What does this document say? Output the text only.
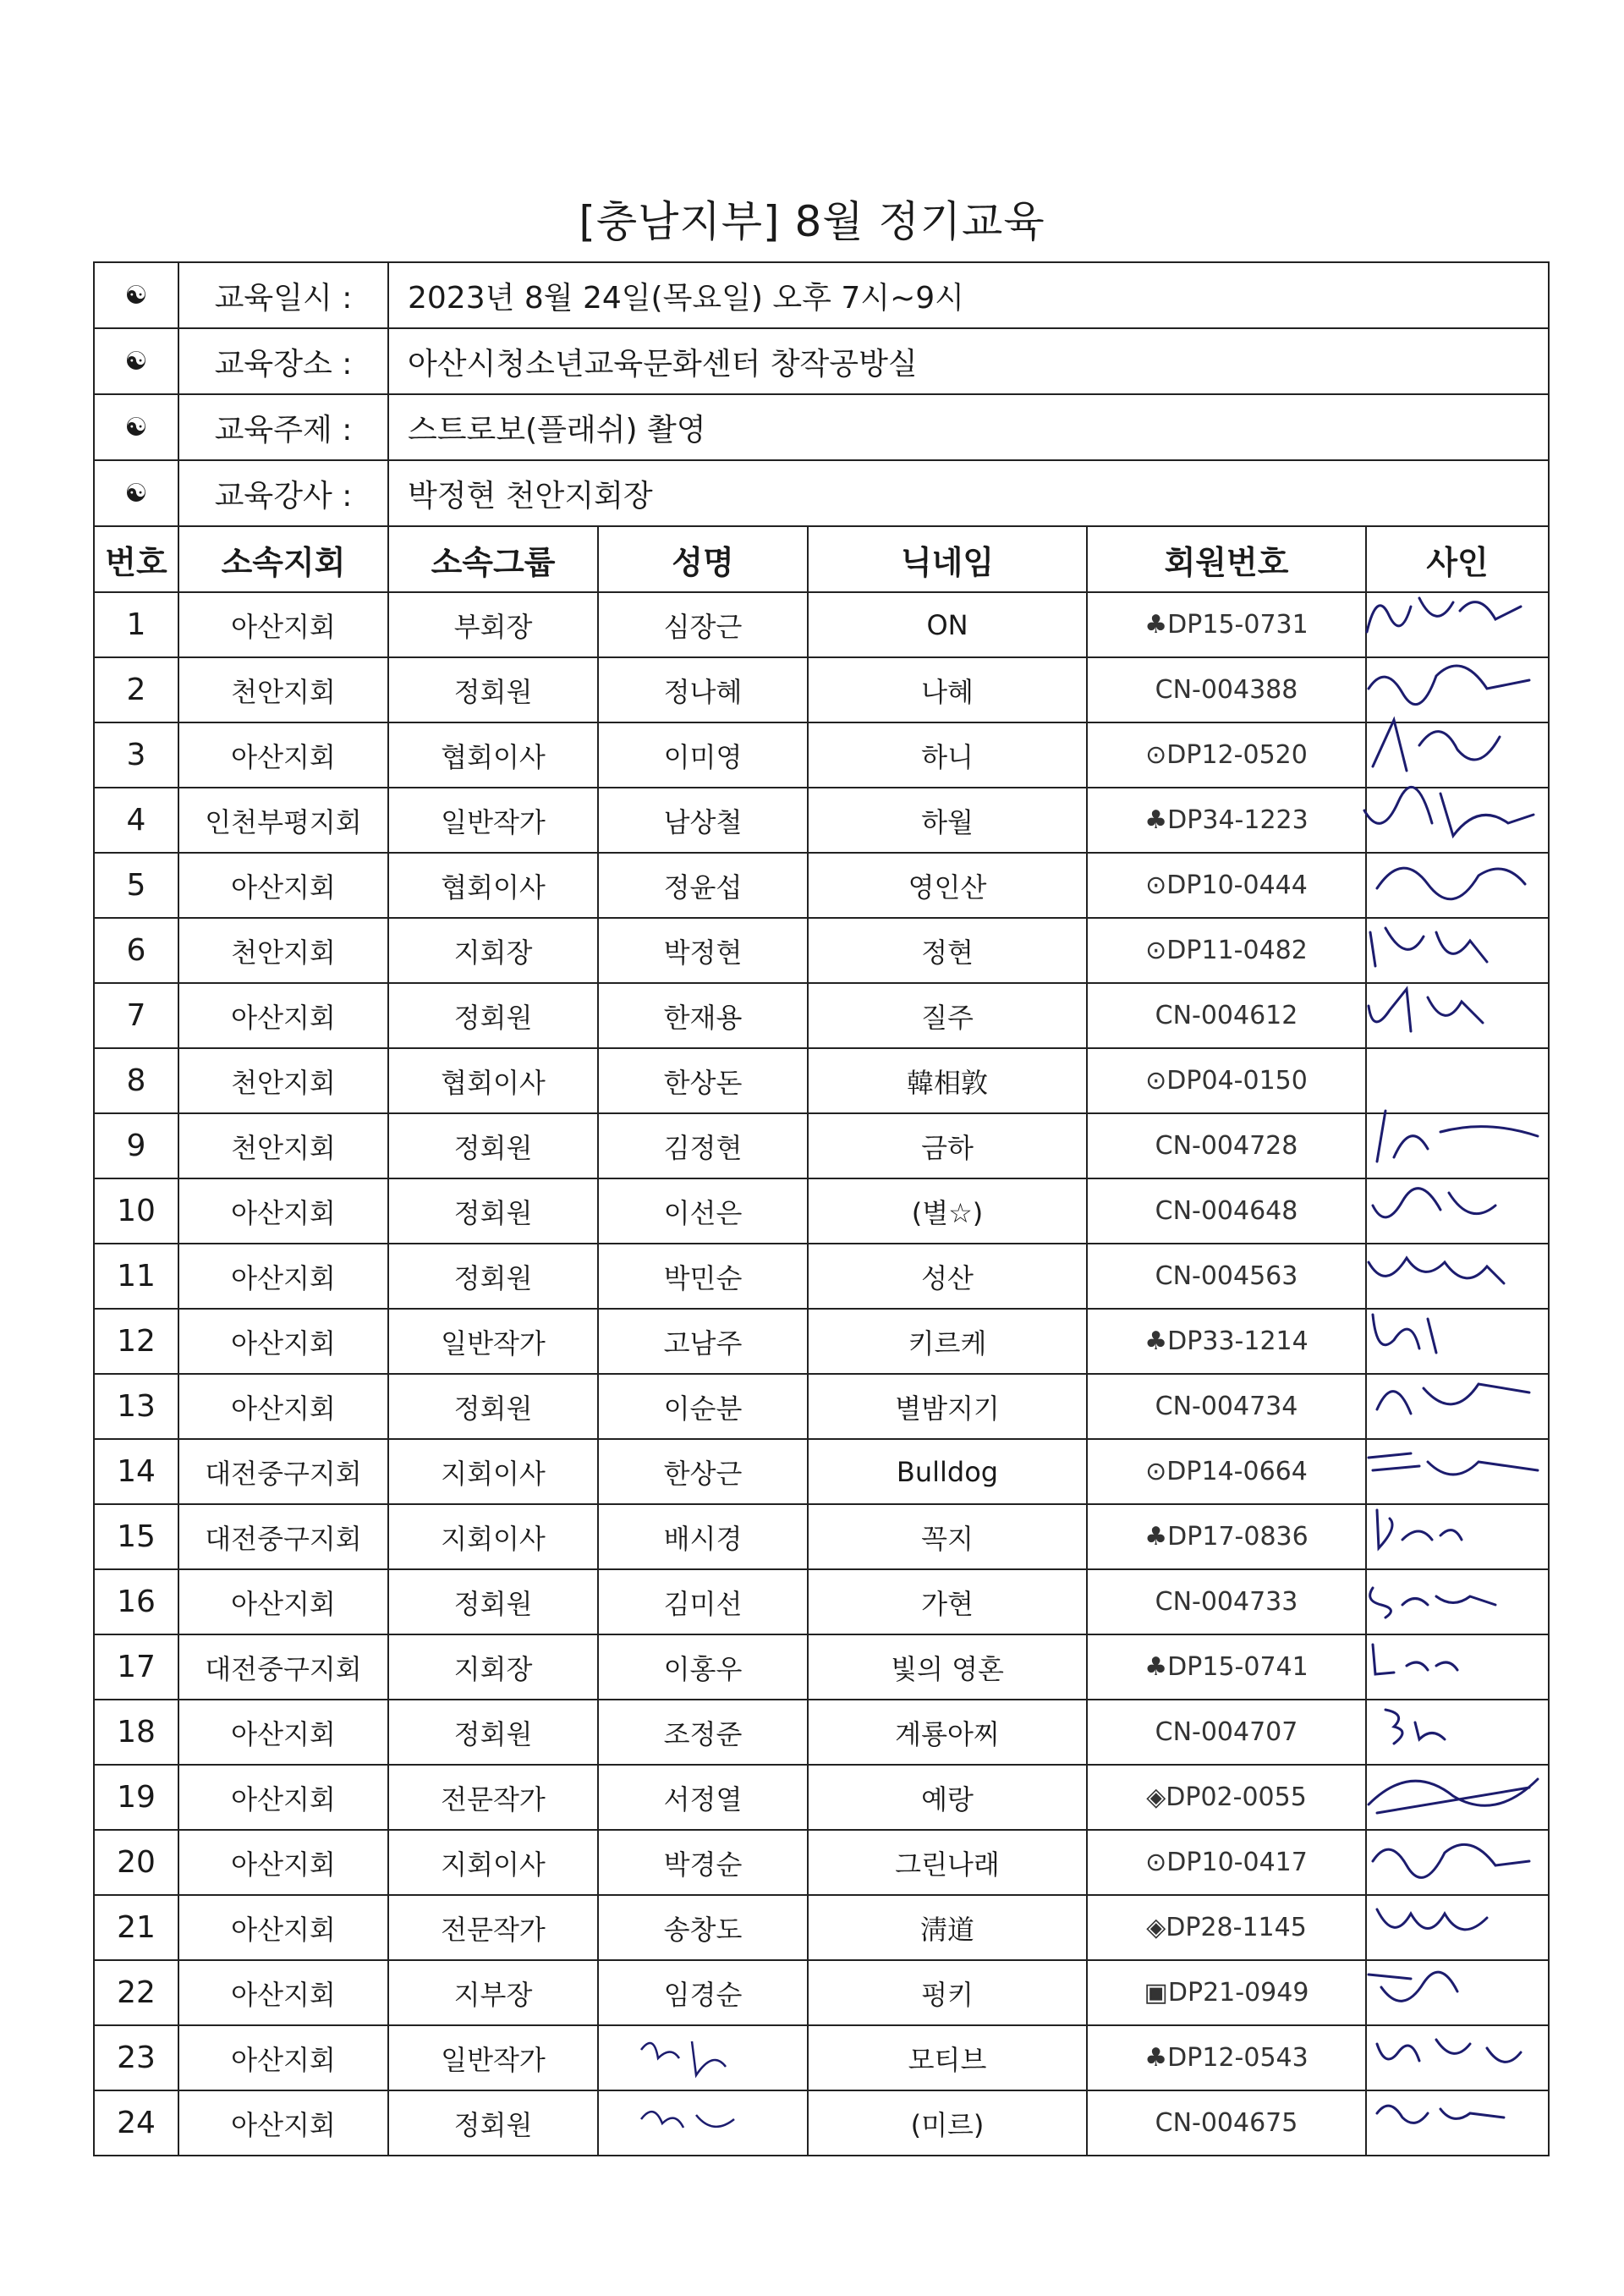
[충남지부] 8월 정기교육
☯	교육일시 :	2023년 8월 24일(목요일) 오후 7시~9시				
☯	교육장소 :	아산시청소년교육문화센터 창작공방실				
☯	교육주제 :	스트로보(플래쉬) 촬영				
☯	교육강사 :	박정현 천안지회장				
번호	소속지회	소속그룹	성명	닉네임	회원번호	사인
1	아산지회	부회장	심장근	ON	♣DP15-0731	

2	천안지회	정회원	정나혜	나혜	CN-004388	

3	아산지회	협회이사	이미영	하니	⊙DP12-0520	

4	인천부평지회	일반작가	남상철	하월	♣DP34-1223	

5	아산지회	협회이사	정윤섭	영인산	⊙DP10-0444	

6	천안지회	지회장	박정현	정현	⊙DP11-0482	

7	아산지회	정회원	한재용	질주	CN-004612	

8	천안지회	협회이사	한상돈	韓相敦	⊙DP04-0150	
9	천안지회	정회원	김정현	금하	CN-004728	

10	아산지회	정회원	이선은	(별☆)	CN-004648	

11	아산지회	정회원	박민순	성산	CN-004563	

12	아산지회	일반작가	고남주	키르케	♣DP33-1214	

13	아산지회	정회원	이순분	별밤지기	CN-004734	

14	대전중구지회	지회이사	한상근	Bulldog	⊙DP14-0664	

15	대전중구지회	지회이사	배시경	꼭지	♣DP17-0836	

16	아산지회	정회원	김미선	가현	CN-004733	

17	대전중구지회	지회장	이홍우	빛의 영혼	♣DP15-0741	

18	아산지회	정회원	조정준	계룡아찌	CN-004707	

19	아산지회	전문작가	서정열	예랑	◈DP02-0055	

20	아산지회	지회이사	박경순	그린나래	⊙DP10-0417	

21	아산지회	전문작가	송창도	淸道	◈DP28-1145	

22	아산지회	지부장	임경순	펑키	▣DP21-0949	

23	아산지회	일반작가		모티브	♣DP12-0543	

24	아산지회	정회원		(미르)	CN-004675	
